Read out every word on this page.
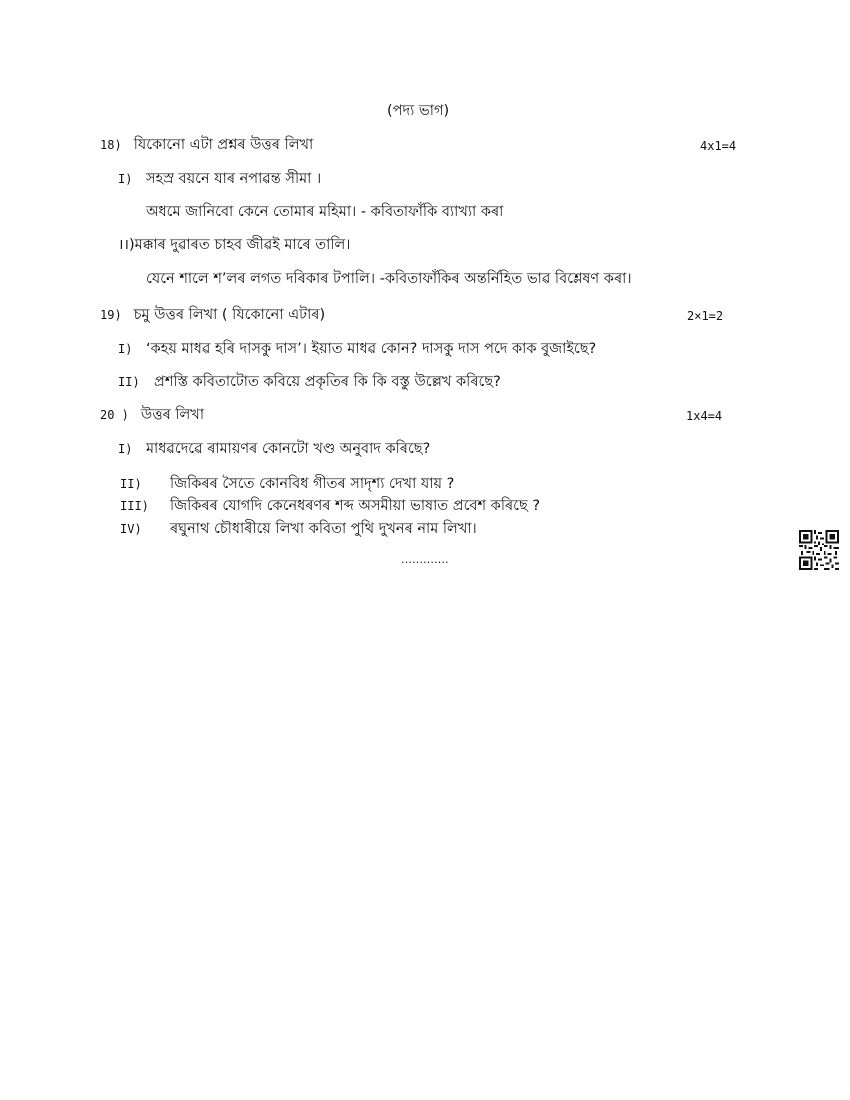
(পদ্য ভাগ)
18) যিকোনো এটা প্ৰশ্নৰ উত্তৰ লিখা	4x1=4
I) সহস্ৰ বয়নে যাৰ নপাৱন্ত সীমা ।
অধমে জানিবো কেনে তোমাৰ মহিমা। - কবিতাফাঁকি ব্যাখ্যা কৰা
।।)মক্কাৰ দুৱাৰত চাহব জীৱই মাৰে তালি।
যেনে শালে শ’লৰ লগত দৰিকাৰ টপালি। -কবিতাফাঁকিৰ অন্তৰ্নিহিত ভাৱ বিশ্লেষণ কৰা।
19) চমু উত্তৰ লিখা ( যিকোনো এটাৰ)	2×1=2
I) ‘কহয় মাধৱ হৰি দাসকু দাস’। ইয়াত মাধৱ কোন? দাসকু দাস পদে কাক বুজাইছে?
II) প্ৰশস্তি কবিতাটোত কবিয়ে প্ৰকৃতিৰ কি কি বস্তু উল্লেখ কৰিছে?
20 ) উত্তৰ লিখা	1x4=4
I) মাধৱদেৱে ৰামায়ণৰ কোনটো খণ্ড অনুবাদ কৰিছে?
II) জিকিৰৰ সৈতে কোনবিধ গীতৰ সাদৃশ্য দেখা যায় ?
III) জিকিৰৰ যোগদি কেনেধৰণৰ শব্দ অসমীয়া ভাষাত প্ৰবেশ কৰিছে ?
IV) ৰঘুনাথ চৌধাৰীয়ে লিখা কবিতা পুথি দুখনৰ নাম লিখা।
………….
